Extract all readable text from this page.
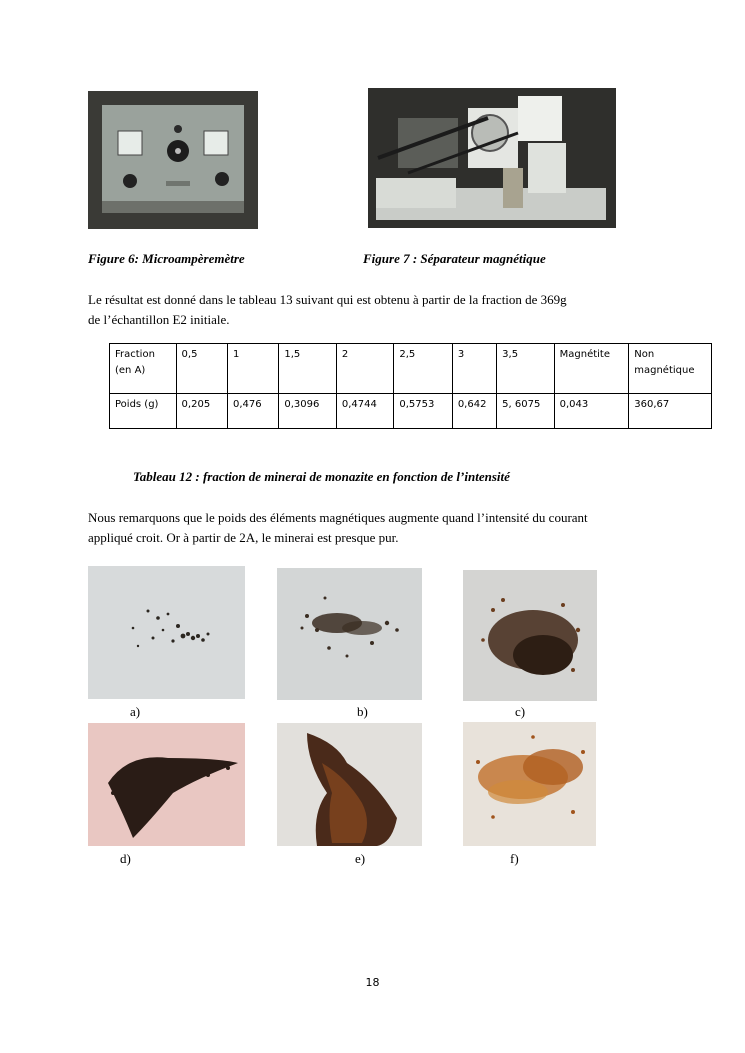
Figure 6: Microampèremètre	Figure 7 : Séparateur magnétique
Le résultat est donné dans le tableau 13 suivant qui est obtenu à partir de la fraction de 369g
de l’échantillon E2 initiale.
Fraction (en A)	0,5	1	1,5	2	2,5	3	3,5	Magnétite	Non magnétique
Poids (g)	0,205	0,476	0,3096	0,4744	0,5753	0,642	5, 6075	0,043	360,67
Tableau 12 : fraction de minerai de monazite en fonction de l’intensité
Nous remarquons que le poids des éléments magnétiques augmente quand l’intensité du courant
appliqué croit. Or à partir de 2A, le minerai est presque pur.
a)	b)	c)
d)	e)	f)
18
